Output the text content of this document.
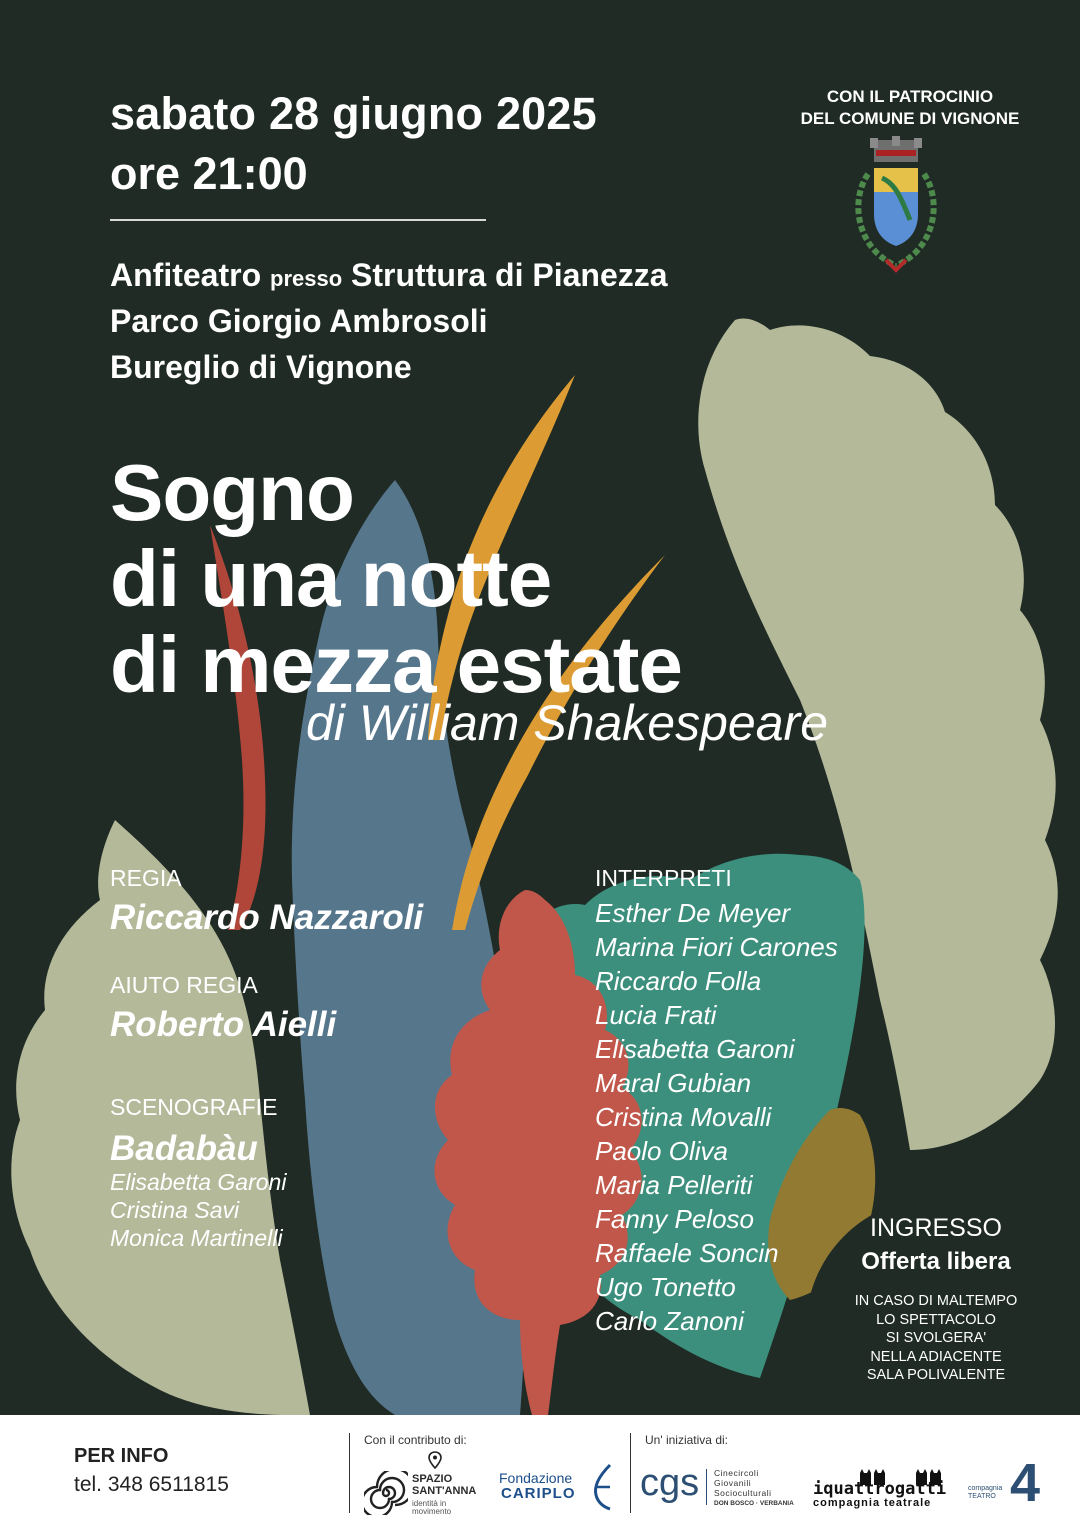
sabato 28 giugno 2025
ore 21:00
Anfiteatro presso Struttura di Pianezza
Parco Giorgio Ambrosoli
Bureglio di Vignone
CON IL PATROCINIO
DEL COMUNE DI VIGNONE
Sogno
di una notte
di mezza estate
di William Shakespeare
REGIA
Riccardo Nazzaroli
AIUTO REGIA
Roberto Aielli
SCENOGRAFIE
Badabàu
Elisabetta Garoni
Cristina Savi
Monica Martinelli
INTERPRETI
Esther De Meyer
Marina Fiori Carones
Riccardo Folla
Lucia Frati
Elisabetta Garoni
Maral Gubian
Cristina Movalli
Paolo Oliva
Maria Pelleriti
Fanny Peloso
Raffaele Soncin
Ugo Tonetto
Carlo Zanoni
INGRESSO
Offerta libera
IN CASO DI MALTEMPO
LO SPETTACOLO
SI SVOLGERA'
NELLA ADIACENTE
SALA POLIVALENTE
PER INFO
tel. 348 6511815
Con il contributo di:
SPAZIO
SANT'ANNA
identità in
movimento
Fondazione
CARIPLO
Un' iniziativa di:
cgs Cinecircoli
Giovanili
Socioculturali
DON BOSCO · VERBANIA
iquattrogatti
compagnia teatrale
compagnia
TEATRO 4
